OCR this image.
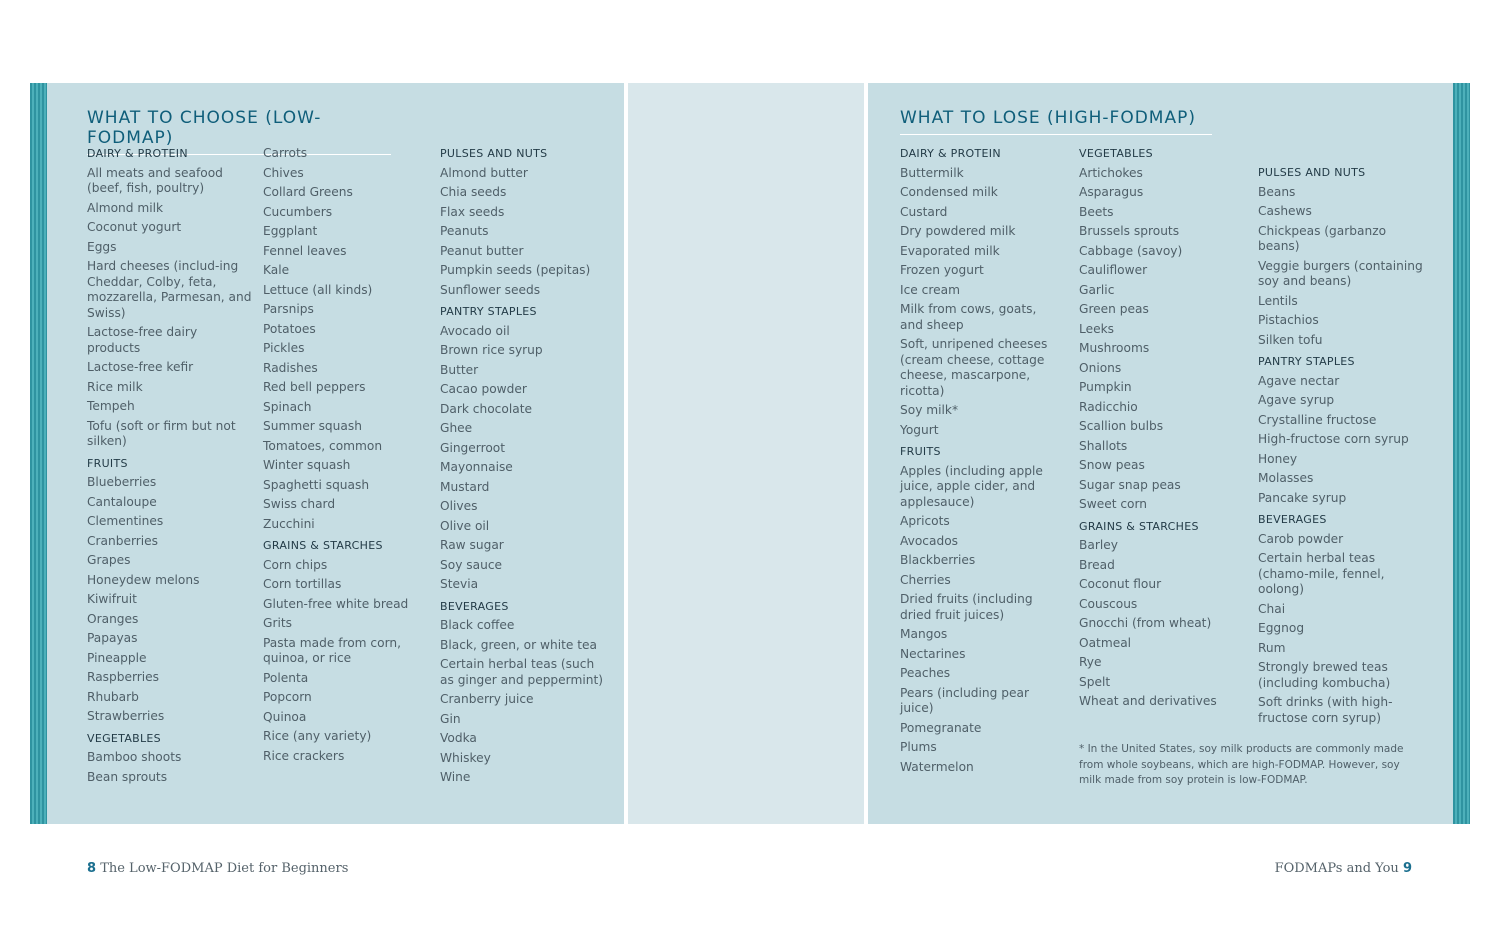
WHAT TO CHOOSE (LOW-FODMAP)
WHAT TO LOSE (HIGH-FODMAP)
DAIRY & PROTEIN
All meats and seafood (beef, fish, poultry)
Almond milk
Coconut yogurt
Eggs
Hard cheeses (includ-ing Cheddar, Colby, feta, mozzarella, Parmesan, and Swiss)
Lactose-free dairy products
Lactose-free kefir
Rice milk
Tempeh
Tofu (soft or firm but not silken)
FRUITS
Blueberries
Cantaloupe
Clementines
Cranberries
Grapes
Honeydew melons
Kiwifruit
Oranges
Papayas
Pineapple
Raspberries
Rhubarb
Strawberries
VEGETABLES
Bamboo shoots
Bean sprouts
Carrots
Chives
Collard Greens
Cucumbers
Eggplant
Fennel leaves
Kale
Lettuce (all kinds)
Parsnips
Potatoes
Pickles
Radishes
Red bell peppers
Spinach
Summer squash
Tomatoes, common
Winter squash
Spaghetti squash
Swiss chard
Zucchini
GRAINS & STARCHES
Corn chips
Corn tortillas
Gluten-free white bread
Grits
Pasta made from corn, quinoa, or rice
Polenta
Popcorn
Quinoa
Rice (any variety)
Rice crackers
PULSES AND NUTS
Almond butter
Chia seeds
Flax seeds
Peanuts
Peanut butter
Pumpkin seeds (pepitas)
Sunflower seeds
PANTRY STAPLES
Avocado oil
Brown rice syrup
Butter
Cacao powder
Dark chocolate
Ghee
Gingerroot
Mayonnaise
Mustard
Olives
Olive oil
Raw sugar
Soy sauce
Stevia
BEVERAGES
Black coffee
Black, green, or white tea
Certain herbal teas (such as ginger and peppermint)
Cranberry juice
Gin
Vodka
Whiskey
Wine
DAIRY & PROTEIN
Buttermilk
Condensed milk
Custard
Dry powdered milk
Evaporated milk
Frozen yogurt
Ice cream
Milk from cows, goats, and sheep
Soft, unripened cheeses (cream cheese, cottage cheese, mascarpone, ricotta)
Soy milk*
Yogurt
FRUITS
Apples (including apple juice, apple cider, and applesauce)
Apricots
Avocados
Blackberries
Cherries
Dried fruits (including dried fruit juices)
Mangos
Nectarines
Peaches
Pears (including pear juice)
Pomegranate
Plums
Watermelon
VEGETABLES
Artichokes
Asparagus
Beets
Brussels sprouts
Cabbage (savoy)
Cauliflower
Garlic
Green peas
Leeks
Mushrooms
Onions
Pumpkin
Radicchio
Scallion bulbs
Shallots
Snow peas
Sugar snap peas
Sweet corn
GRAINS & STARCHES
Barley
Bread
Coconut flour
Couscous
Gnocchi (from wheat)
Oatmeal
Rye
Spelt
Wheat and derivatives
PULSES AND NUTS
Beans
Cashews
Chickpeas (garbanzo beans)
Veggie burgers (containing soy and beans)
Lentils
Pistachios
Silken tofu
PANTRY STAPLES
Agave nectar
Agave syrup
Crystalline fructose
High-fructose corn syrup
Honey
Molasses
Pancake syrup
BEVERAGES
Carob powder
Certain herbal teas (chamo-mile, fennel, oolong)
Chai
Eggnog
Rum
Strongly brewed teas (including kombucha)
Soft drinks (with high-fructose corn syrup)
* In the United States, soy milk products are commonly made from whole soybeans, which are high-FODMAP. However, soy milk made from soy protein is low-FODMAP.
8 The Low-FODMAP Diet for Beginners	FODMAPs and You 9
